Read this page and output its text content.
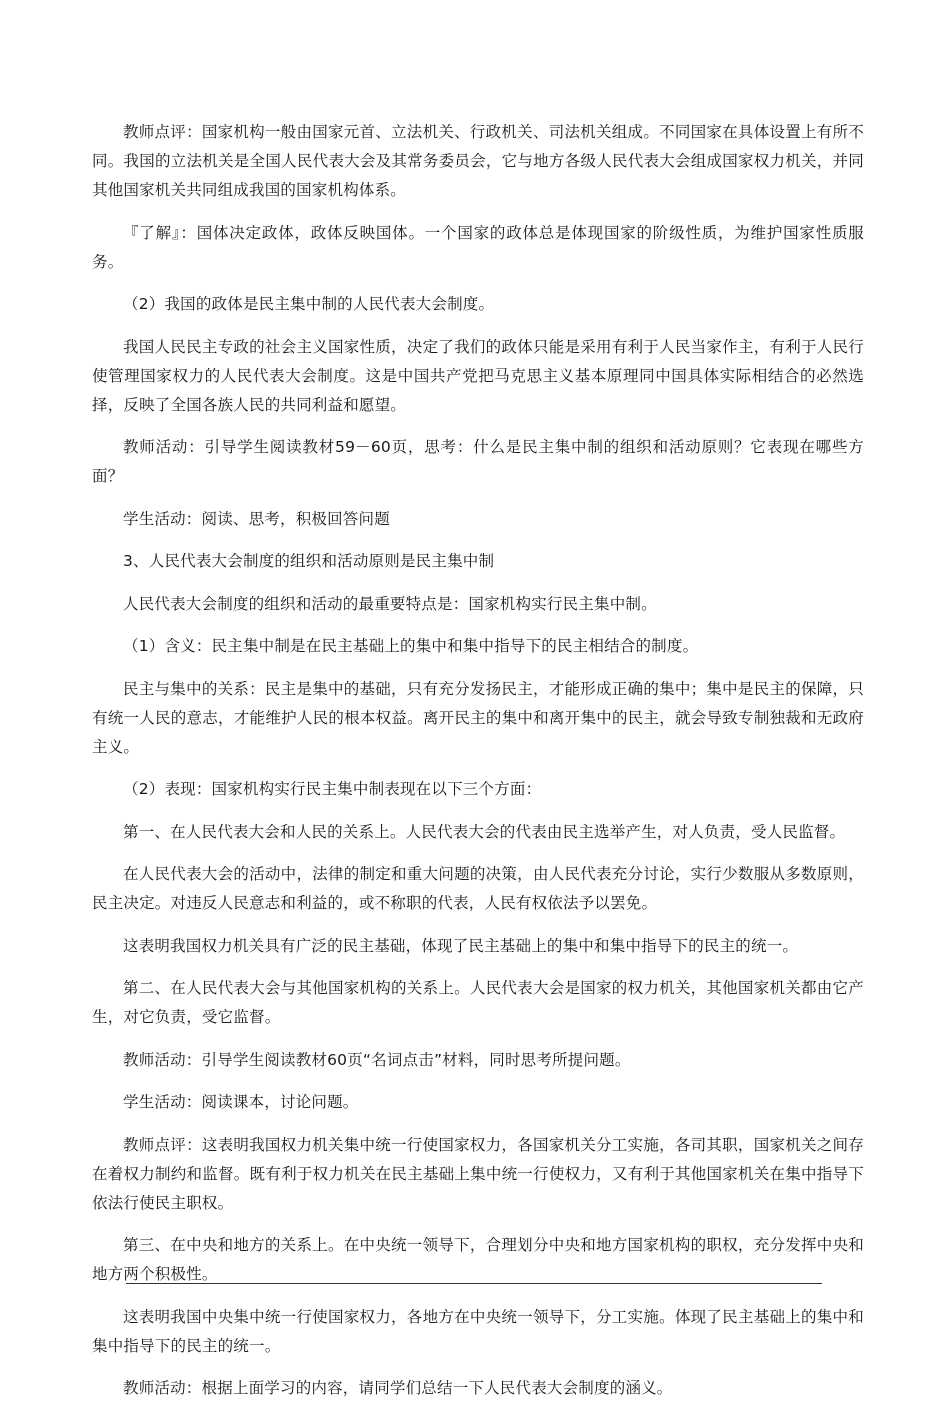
教师点评：国家机构一般由国家元首、立法机关、行政机关、司法机关组成。不同国家在具体设置上有所不同。我国的立法机关是全国人民代表大会及其常务委员会，它与地方各级人民代表大会组成国家权力机关，并同其他国家机关共同组成我国的国家机构体系。

『了解』：国体决定政体，政体反映国体。一个国家的政体总是体现国家的阶级性质，为维护国家性质服务。

（2）我国的政体是民主集中制的人民代表大会制度。

我国人民民主专政的社会主义国家性质，决定了我们的政体只能是采用有利于人民当家作主，有利于人民行使管理国家权力的人民代表大会制度。这是中国共产党把马克思主义基本原理同中国具体实际相结合的必然选择，反映了全国各族人民的共同利益和愿望。

教师活动：引导学生阅读教材59－60页，思考：什么是民主集中制的组织和活动原则？它表现在哪些方面？

学生活动：阅读、思考，积极回答问题

3、人民代表大会制度的组织和活动原则是民主集中制

人民代表大会制度的组织和活动的最重要特点是：国家机构实行民主集中制。

（1）含义：民主集中制是在民主基础上的集中和集中指导下的民主相结合的制度。

民主与集中的关系：民主是集中的基础，只有充分发扬民主，才能形成正确的集中；集中是民主的保障，只有统一人民的意志，才能维护人民的根本权益。离开民主的集中和离开集中的民主，就会导致专制独裁和无政府主义。

（2）表现：国家机构实行民主集中制表现在以下三个方面：

第一、在人民代表大会和人民的关系上。人民代表大会的代表由民主选举产生，对人负责，受人民监督。

在人民代表大会的活动中，法律的制定和重大问题的决策，由人民代表充分讨论，实行少数服从多数原则，民主决定。对违反人民意志和利益的，或不称职的代表，人民有权依法予以罢免。

这表明我国权力机关具有广泛的民主基础，体现了民主基础上的集中和集中指导下的民主的统一。

第二、在人民代表大会与其他国家机构的关系上。人民代表大会是国家的权力机关，其他国家机关都由它产生，对它负责，受它监督。

教师活动：引导学生阅读教材60页“名词点击”材料，同时思考所提问题。

学生活动：阅读课本，讨论问题。

教师点评：这表明我国权力机关集中统一行使国家权力，各国家机关分工实施，各司其职，国家机关之间存在着权力制约和监督。既有利于权力机关在民主基础上集中统一行使权力，又有利于其他国家机关在集中指导下依法行使民主职权。

第三、在中央和地方的关系上。在中央统一领导下，合理划分中央和地方国家机构的职权，充分发挥中央和地方两个积极性。

这表明我国中央集中统一行使国家权力，各地方在中央统一领导下，分工实施。体现了民主基础上的集中和集中指导下的民主的统一。

教师活动：根据上面学习的内容，请同学们总结一下人民代表大会制度的涵义。
